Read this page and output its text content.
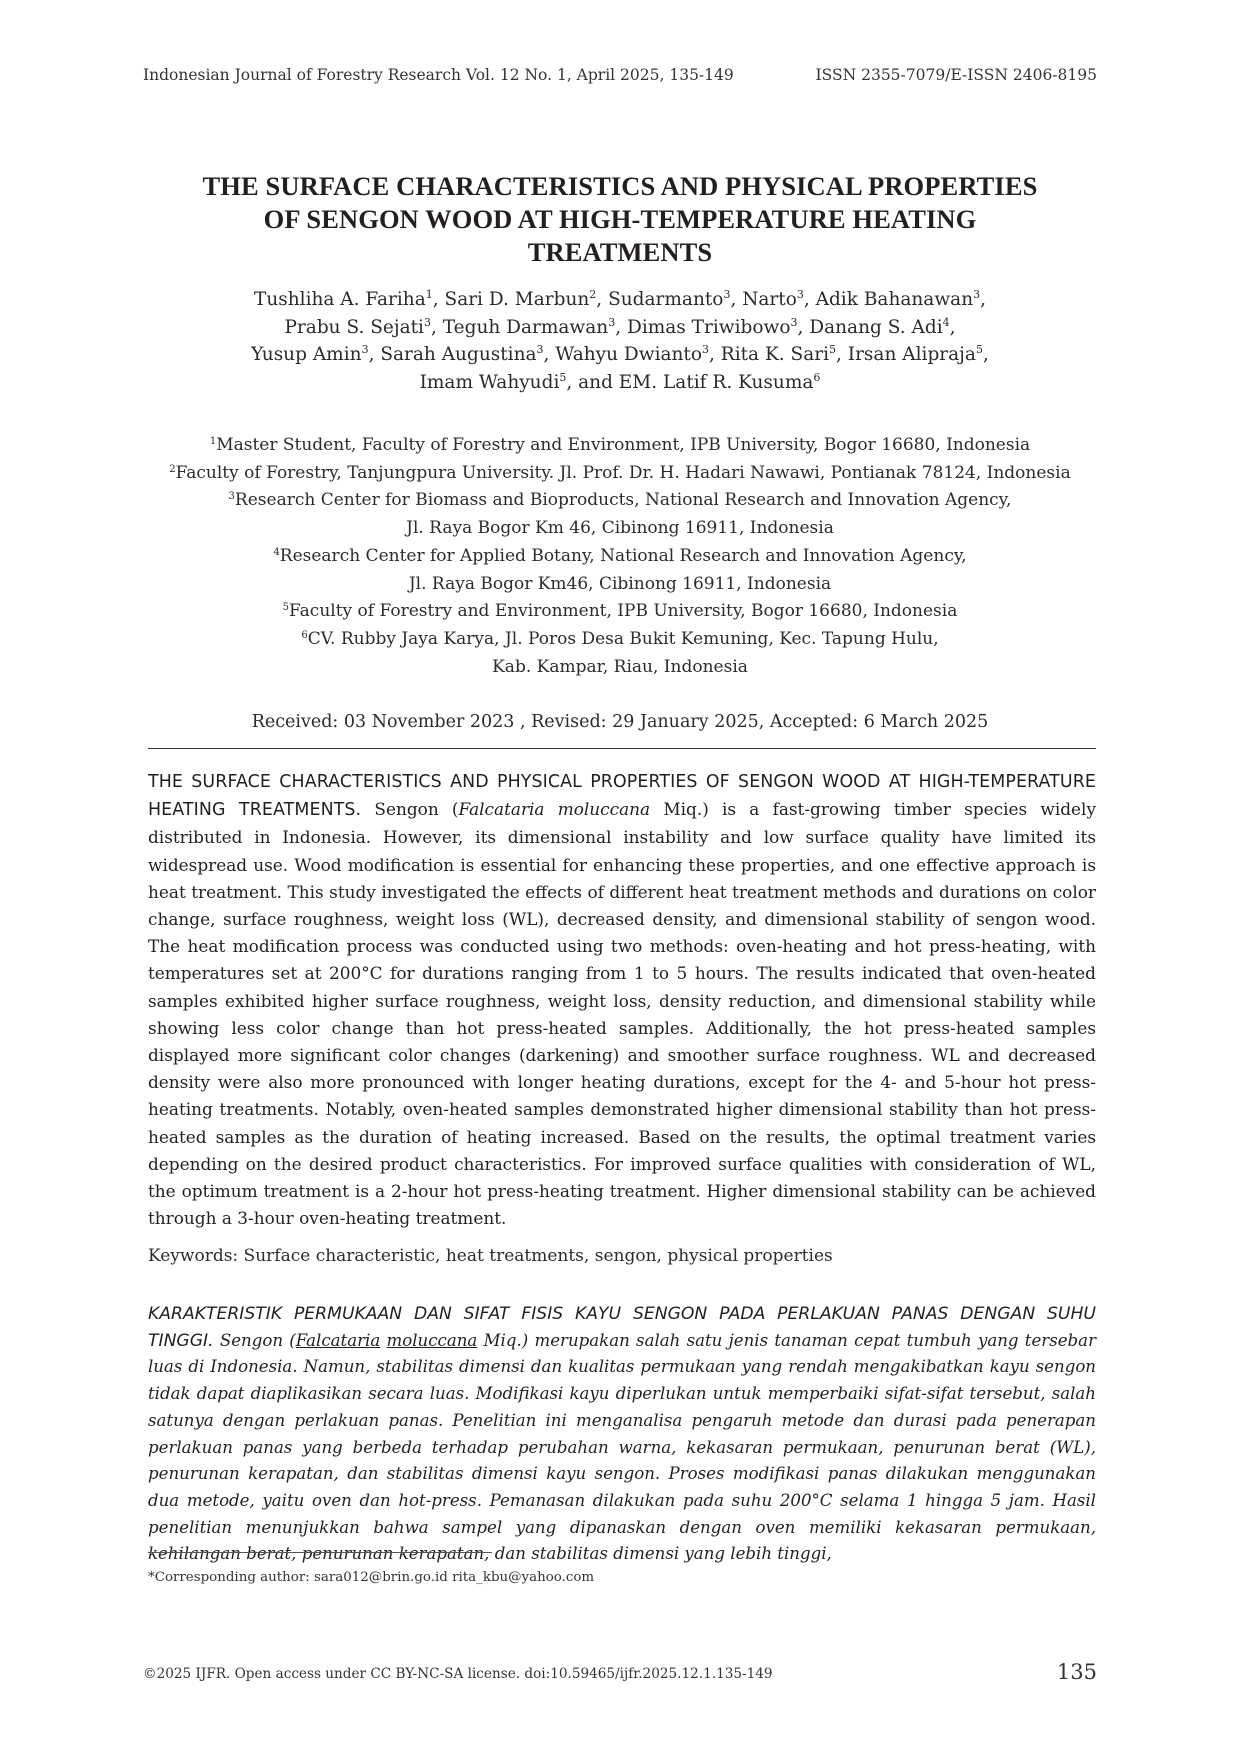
Indonesian Journal of Forestry Research Vol. 12 No. 1, April 2025, 135-149	ISSN 2355-7079/E-ISSN 2406-8195
THE SURFACE CHARACTERISTICS AND PHYSICAL PROPERTIES
OF SENGON WOOD AT HIGH-TEMPERATURE HEATING
TREATMENTS
Tushliha A. Fariha$^1$, Sari D. Marbun$^2$, Sudarmanto$^3$, Narto$^3$, Adik Bahanawan$^3$,
Prabu S. Sejati$^3$, Teguh Darmawan$^3$, Dimas Triwibowo$^3$, Danang S. Adi$^4$,
Yusup Amin$^3$, Sarah Augustina$^3$, Wahyu Dwianto$^3$, Rita K. Sari$^5$, Irsan Alipraja$^5$,
Imam Wahyudi$^5$, and EM. Latif R. Kusuma$^6$
$^1$Master Student, Faculty of Forestry and Environment, IPB University, Bogor 16680, Indonesia
$^2$Faculty of Forestry, Tanjungpura University. Jl. Prof. Dr. H. Hadari Nawawi, Pontianak 78124, Indonesia
$^3$Research Center for Biomass and Bioproducts, National Research and Innovation Agency,
Jl. Raya Bogor Km 46, Cibinong 16911, Indonesia
$^4$Research Center for Applied Botany, National Research and Innovation Agency,
Jl. Raya Bogor Km46, Cibinong 16911, Indonesia
$^5$Faculty of Forestry and Environment, IPB University, Bogor 16680, Indonesia
$^6$CV. Rubby Jaya Karya, Jl. Poros Desa Bukit Kemuning, Kec. Tapung Hulu,
Kab. Kampar, Riau, Indonesia
Received: 03 November 2023 , Revised: 29 January 2025, Accepted: 6 March 2025
THE SURFACE CHARACTERISTICS AND PHYSICAL PROPERTIES OF SENGON WOOD AT HIGH-TEMPERATURE HEATING TREATMENTS. Sengon (Falcataria moluccana Miq.) is a fast-growing timber species widely distributed in Indonesia. However, its dimensional instability and low surface quality have limited its widespread use. Wood modification is essential for enhancing these properties, and one effective approach is heat treatment. This study investigated the effects of different heat treatment methods and durations on color change, surface roughness, weight loss (WL), decreased density, and dimensional stability of sengon wood. The heat modification process was conducted using two methods: oven-heating and hot press-heating, with temperatures set at 200°C for durations ranging from 1 to 5 hours. The results indicated that oven-heated samples exhibited higher surface roughness, weight loss, density reduction, and dimensional stability while showing less color change than hot press-heated samples. Additionally, the hot press-heated samples displayed more significant color changes (darkening) and smoother surface roughness. WL and decreased density were also more pronounced with longer heating durations, except for the 4- and 5-hour hot press-heating treatments. Notably, oven-heated samples demonstrated higher dimensional stability than hot press-heated samples as the duration of heating increased. Based on the results, the optimal treatment varies depending on the desired product characteristics. For improved surface qualities with consideration of WL, the optimum treatment is a 2-hour hot press-heating treatment. Higher dimensional stability can be achieved through a 3-hour oven-heating treatment.
Keywords: Surface characteristic, heat treatments, sengon, physical properties
KARAKTERISTIK PERMUKAAN DAN SIFAT FISIS KAYU SENGON PADA PERLAKUAN PANAS DENGAN SUHU TINGGI. Sengon (Falcataria moluccana Miq.) merupakan salah satu jenis tanaman cepat tumbuh yang tersebar luas di Indonesia. Namun, stabilitas dimensi dan kualitas permukaan yang rendah mengakibatkan kayu sengon tidak dapat diaplikasikan secara luas. Modifikasi kayu diperlukan untuk memperbaiki sifat-sifat tersebut, salah satunya dengan perlakuan panas. Penelitian ini menganalisa pengaruh metode dan durasi pada penerapan perlakuan panas yang berbeda terhadap perubahan warna, kekasaran permukaan, penurunan berat (WL), penurunan kerapatan, dan stabilitas dimensi kayu sengon. Proses modifikasi panas dilakukan menggunakan dua metode, yaitu oven dan hot-press. Pemanasan dilakukan pada suhu 200°C selama 1 hingga 5 jam. Hasil penelitian menunjukkan bahwa sampel yang dipanaskan dengan oven memiliki kekasaran permukaan, kehilangan berat, penurunan kerapatan, dan stabilitas dimensi yang lebih tinggi,
*Corresponding author: sara012@brin.go.id rita_kbu@yahoo.com
©2025 IJFR. Open access under CC BY-NC-SA license. doi:10.59465/ijfr.2025.12.1.135-149	135
